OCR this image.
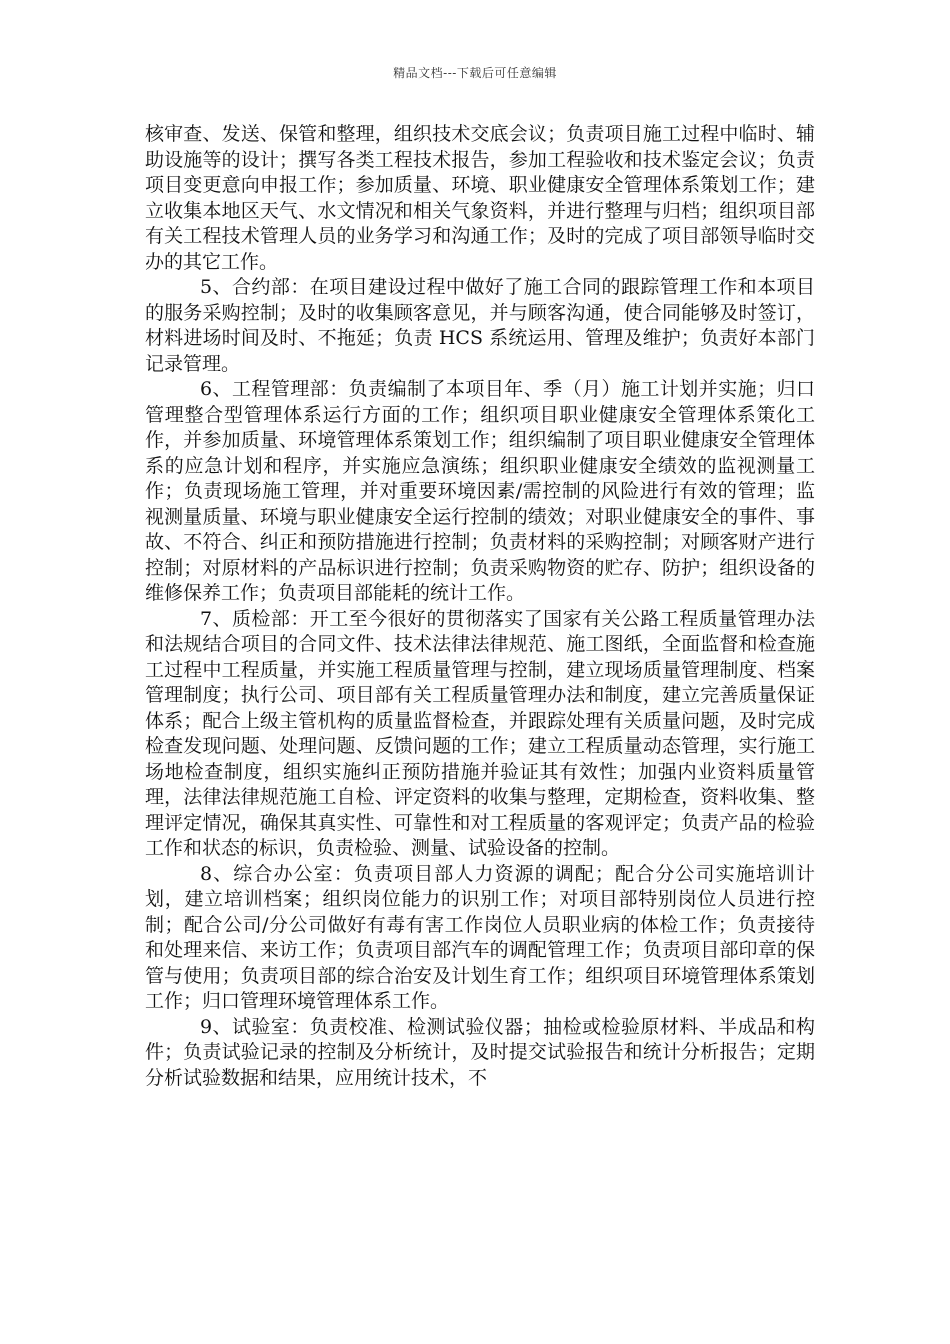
精品文档---下载后可任意编辑

核审查、发送、保管和整理，组织技术交底会议；负责项目施工过程中临时、辅助设施等的设计；撰写各类工程技术报告，参加工程验收和技术鉴定会议；负责项目变更意向申报工作；参加质量、环境、职业健康安全管理体系策划工作；建立收集本地区天气、水文情况和相关气象资料，并进行整理与归档；组织项目部有关工程技术管理人员的业务学习和沟通工作；及时的完成了项目部领导临时交办的其它工作。

5、合约部：在项目建设过程中做好了施工合同的跟踪管理工作和本项目的服务采购控制；及时的收集顾客意见，并与顾客沟通，使合同能够及时签订，材料进场时间及时、不拖延；负责 HCS 系统运用、管理及维护；负责好本部门记录管理。

6、工程管理部：负责编制了本项目年、季（月）施工计划并实施；归口管理整合型管理体系运行方面的工作；组织项目职业健康安全管理体系策化工作，并参加质量、环境管理体系策划工作；组织编制了项目职业健康安全管理体系的应急计划和程序，并实施应急演练；组织职业健康安全绩效的监视测量工作；负责现场施工管理，并对重要环境因素/需控制的风险进行有效的管理；监视测量质量、环境与职业健康安全运行控制的绩效；对职业健康安全的事件、事故、不符合、纠正和预防措施进行控制；负责材料的采购控制；对顾客财产进行控制；对原材料的产品标识进行控制；负责采购物资的贮存、防护；组织设备的维修保养工作；负责项目部能耗的统计工作。

7、质检部：开工至今很好的贯彻落实了国家有关公路工程质量管理办法和法规结合项目的合同文件、技术法律法律规范、施工图纸，全面监督和检查施工过程中工程质量，并实施工程质量管理与控制，建立现场质量管理制度、档案管理制度；执行公司、项目部有关工程质量管理办法和制度，建立完善质量保证体系；配合上级主管机构的质量监督检查，并跟踪处理有关质量问题，及时完成检查发现问题、处理问题、反馈问题的工作；建立工程质量动态管理，实行施工场地检查制度，组织实施纠正预防措施并验证其有效性；加强内业资料质量管理，法律法律规范施工自检、评定资料的收集与整理，定期检查，资料收集、整理评定情况，确保其真实性、可靠性和对工程质量的客观评定；负责产品的检验工作和状态的标识，负责检验、测量、试验设备的控制。

8、综合办公室：负责项目部人力资源的调配；配合分公司实施培训计划，建立培训档案；组织岗位能力的识别工作；对项目部特别岗位人员进行控制；配合公司/分公司做好有毒有害工作岗位人员职业病的体检工作；负责接待和处理来信、来访工作；负责项目部汽车的调配管理工作；负责项目部印章的保管与使用；负责项目部的综合治安及计划生育工作；组织项目环境管理体系策划工作；归口管理环境管理体系工作。

9、试验室：负责校准、检测试验仪器；抽检或检验原材料、半成品和构件；负责试验记录的控制及分析统计，及时提交试验报告和统计分析报告；定期分析试验数据和结果，应用统计技术，不
